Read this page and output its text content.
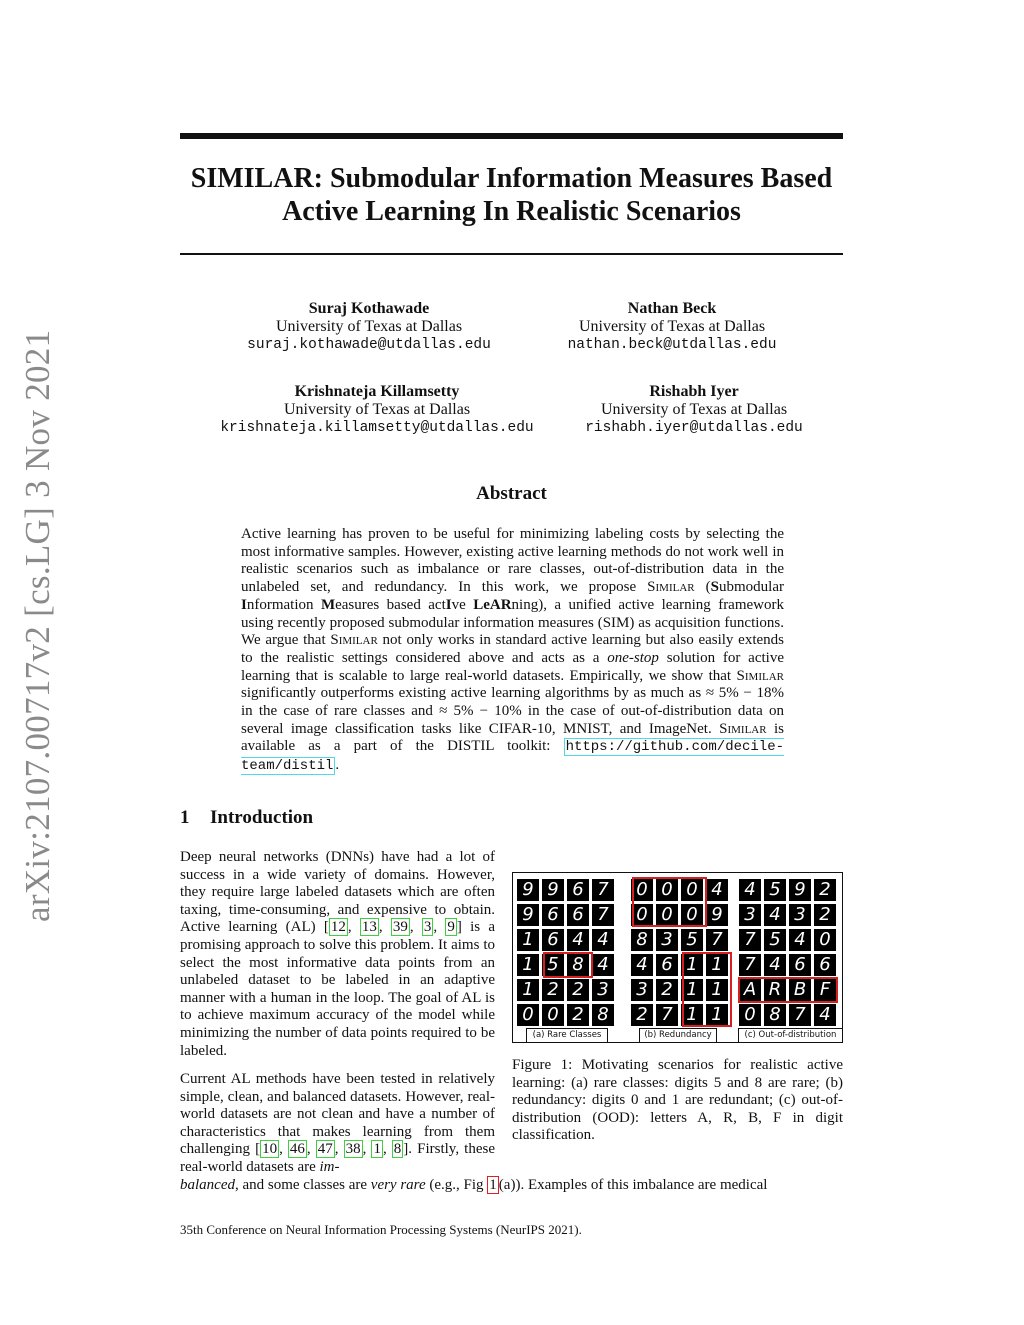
arXiv:2107.00717v2 [cs.LG] 3 Nov 2021
SIMILAR: Submodular Information Measures Based
Active Learning In Realistic Scenarios
Suraj Kothawade
University of Texas at Dallas
suraj.kothawade@utdallas.edu
Nathan Beck
University of Texas at Dallas
nathan.beck@utdallas.edu
Krishnateja Killamsetty
University of Texas at Dallas
krishnateja.killamsetty@utdallas.edu
Rishabh Iyer
University of Texas at Dallas
rishabh.iyer@utdallas.edu
Abstract
Active learning has proven to be useful for minimizing labeling costs by selecting the most informative samples. However, existing active learning methods do not work well in realistic scenarios such as imbalance or rare classes, out-of-distribution data in the unlabeled set, and redundancy. In this work, we propose Similar (Submodular Information Measures based actIve LeARning), a unified active learning framework using recently proposed submodular information measures (SIM) as acquisition functions. We argue that Similar not only works in standard active learning but also easily extends to the realistic settings considered above and acts as a one-stop solution for active learning that is scalable to large real-world datasets. Empirically, we show that Similar significantly outperforms existing active learning algorithms by as much as ≈ 5% − 18% in the case of rare classes and ≈ 5% − 10% in the case of out-of-distribution data on several image classification tasks like CIFAR-10, MNIST, and ImageNet. Similar is available as a part of the DISTIL toolkit: https://github.com/decile-team/distil .
1 Introduction
Deep neural networks (DNNs) have had a lot of success in a wide variety of domains. However, they require large labeled datasets which are often taxing, time-consuming, and expensive to obtain. Active learning (AL) [ 12 , 13 , 39 , 3 , 9 ] is a promising approach to solve this problem. It aims to select the most informative data points from an unlabeled dataset to be labeled in an adaptive manner with a human in the loop. The goal of AL is to achieve maximum accuracy of the model while minimizing the number of data points required to be labeled.
Current AL methods have been tested in relatively simple, clean, and balanced datasets. However, real-world datasets are not clean and have a number of characteristics that makes learning from them challenging [ 10 , 46 , 47 , 38 , 1 , 8 ]. Firstly, these real-world datasets are im-
balanced, and some classes are very rare (e.g., Fig 1 (a)). Examples of this imbalance are medical
9 9 6 7
9 6 6 7
1 6 4 4
1 5 8 4
1 2 2 3
0 0 2 8
0 0 0 4
0 0 0 9
8 3 5 7
4 6 1 1
3 2 1 1
2 7 1 1
4 5 9 2
3 4 3 2
7 5 4 0
7 4 6 6
A R B F
0 8 7 4
(a) Rare Classes	(b) Redundancy	(c) Out-of-distribution
Figure 1: Motivating scenarios for realistic active learning: (a) rare classes: digits 5 and 8 are rare; (b) redundancy: digits 0 and 1 are redundant; (c) out-of-distribution (OOD): letters A, R, B, F in digit classification.
35th Conference on Neural Information Processing Systems (NeurIPS 2021).
